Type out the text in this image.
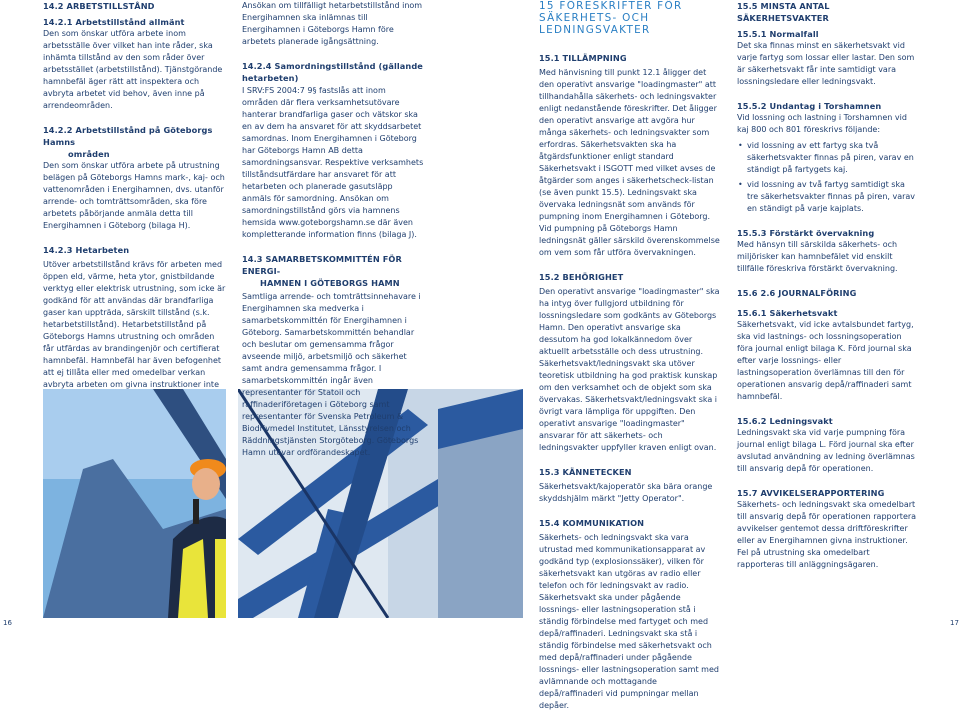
14.2 ARBETSTILLSTÅND

14.2.1 Arbetstillstånd allmänt

Den som önskar utföra arbete inom arbetsställe över vilket han inte råder, ska inhämta tillstånd av den som råder över arbetsstället (arbetstillstånd). Tjänstgörande hamnbefäl äger rätt att inspektera och avbryta arbetet vid behov, även inne på arrendeområden.

14.2.2 Arbetstillstånd på Göteborgs Hamns

områden

Den som önskar utföra arbete på utrustning belägen på Göteborgs Hamns mark-, kaj- och vattenområden i Energihamnen, dvs. utanför arrende- och tomträttsområden, ska före arbetets påbörjande anmäla detta till Energihamnen i Göteborg (bilaga H).

14.2.3 Hetarbeten

Utöver arbetstillstånd krävs för arbeten med öppen eld, värme, heta ytor, gnistbildande verktyg eller elektrisk utrustning, som icke är godkänd för att användas där brandfarliga gaser kan uppträda, särskilt tillstånd (s.k. hetarbetstillstånd). Hetarbetstillstånd på Göteborgs Hamns utrustning och områden får utfärdas av brandingenjör och certifierat hamnbefäl. Hamnbefäl har även befogenhet att ej tillåta eller med omedelbar verkan avbryta arbeten om givna instruktioner inte

Ansökan om tillfälligt hetarbetstillstånd inom Energihamnen ska inlämnas till Energihamnen i Göteborgs Hamn före arbetets planerade igångsättning.

14.2.4 Samordningstillstånd (gällande hetarbeten)

I SRV:FS 2004:7 9§ fastslås att inom områden där flera verksamhetsutövare hanterar brandfarliga gaser och vätskor ska en av dem ha ansvaret för att skyddsarbetet samordnas. Inom Energihamnen i Göteborg har Göteborgs Hamn AB detta samordningsansvar. Respektive verksamhets tillståndsutfärdare har ansvaret för att hetarbeten och planerade gasutsläpp anmäls för samordning. Ansökan om samordningstillstånd görs via hamnens hemsida www.goteborgshamn.se där även kompletterande information finns (bilaga J).

14.3 SAMARBETSKOMMITTÉN FÖR ENERGI-

HAMNEN I GÖTEBORGS HAMN

Samtliga arrende- och tomträttsinnehavare i Energihamnen ska medverka i samarbetskommittén för Energihamnen i Göteborg. Samarbetskommittén behandlar och beslutar om gemensamma frågor avseende miljö, arbetsmiljö och säkerhet samt andra gemensamma frågor. I samarbetskommittén ingår även representanter för Statoil och raffinaderiföretagen i Göteborg samt representanter för Svenska Petroleum & Biodrivmedel Institutet, Länsstyrelsen och Räddningstjänsten Storgöteborg. Göteborgs Hamn utövar ordförandeskapet.

15 FÖRESKRIFTER FÖR SÄKERHETS- OCH LEDNINGSVAKTER

15.1 TILLÄMPNING

Med hänvisning till punkt 12.1 åligger det den operativt ansvarige "loadingmaster" att tillhandahålla säkerhets- och ledningsvakter enligt nedanstående föreskrifter. Det åligger den operativt ansvarige att avgöra hur många säkerhets- och ledningsvakter som erfordras. Säkerhetsvakten ska ha åtgärdsfunktioner enligt standard Säkerhetsvakt i ISGOTT med vilket avses de åtgärder som anges i säkerhetscheck-listan (se även punkt 15.5). Ledningsvakt ska övervaka ledningsnät som används för pumpning inom Energihamnen i Göteborg. Vid pumpning på Göteborgs Hamn ledningsnät gäller särskild överenskommelse om vem som får utföra övervakningen.

15.2 BEHÖRIGHET

Den operativt ansvarige "loadingmaster" ska ha intyg över fullgjord utbildning för lossningsledare som godkänts av Göteborgs Hamn. Den operativt ansvarige ska dessutom ha god lokalkännedom över aktuellt arbetsställe och dess utrustning. Säkerhetsvakt/ledningsvakt ska utöver teoretisk utbildning ha god praktisk kunskap om den verksamhet och de objekt som ska övervakas. Säkerhetsvakt/ledningsvakt ska i övrigt vara lämpliga för uppgiften. Den operativt ansvarige "loadingmaster" ansvarar för att säkerhets- och ledningsvakter uppfyller kraven enligt ovan.

15.3 KÄNNETECKEN

Säkerhetsvakt/kajoperatör ska bära orange skyddshjälm märkt "Jetty Operator".

15.4 KOMMUNIKATION

Säkerhets- och ledningsvakt ska vara utrustad med kommunikationsapparat av godkänd typ (explosionssäker), vilken för säkerhetsvakt kan utgöras av radio eller telefon och för ledningsvakt av radio. Säkerhetsvakt ska under pågående lossnings- eller lastningsoperation stå i ständig förbindelse med fartyget och med depå/raffinaderi. Ledningsvakt ska stå i ständig förbindelse med säkerhetsvakt och med depå/raffinaderi under pågående lossnings- eller lastningsoperation samt med avlämnande och mottagande depå/raffinaderi vid pumpningar mellan depåer.

15.5 MINSTA ANTAL SÄKERHETSVAKTER

15.5.1 Normalfall

Det ska finnas minst en säkerhetsvakt vid varje fartyg som lossar eller lastar. Den som är säkerhetsvakt får inte samtidigt vara lossningsledare eller ledningsvakt.

15.5.2 Undantag i Torshamnen

Vid lossning och lastning i Torshamnen vid kaj 800 och 801 föreskrivs följande:

• vid lossning av ett fartyg ska två säkerhetsvakter finnas på piren, varav en ständigt på fartygets kaj.

• vid lossning av två fartyg samtidigt ska tre säkerhetsvakter finnas på piren, varav en ständigt på varje kajplats.

15.5.3 Förstärkt övervakning

Med hänsyn till särskilda säkerhets- och miljörisker kan hamnbefälet vid enskilt tillfälle föreskriva förstärkt övervakning.

15.6 2.6 JOURNALFÖRING

15.6.1 Säkerhetsvakt

Säkerhetsvakt, vid icke avtalsbundet fartyg, ska vid lastnings- och lossningsoperation föra journal enligt bilaga K. Förd journal ska efter varje lossnings- eller lastningsoperation överlämnas till den för operationen ansvarig depå/raffinaderi samt hamnbefäl.

15.6.2 Ledningsvakt

Ledningsvakt ska vid varje pumpning föra journal enligt bilaga L. Förd journal ska efter avslutad användning av ledning överlämnas till ansvarig depå för operationen.

15.7 AVVIKELSERAPPORTERING

Säkerhets- och ledningsvakt ska omedelbart till ansvarig depå för operationen rapportera avvikelser gentemot dessa driftföreskrifter eller av Energihamnen givna instruktioner. Fel på utrustning ska omedelbart rapporteras till anläggningsägaren.

16	17
